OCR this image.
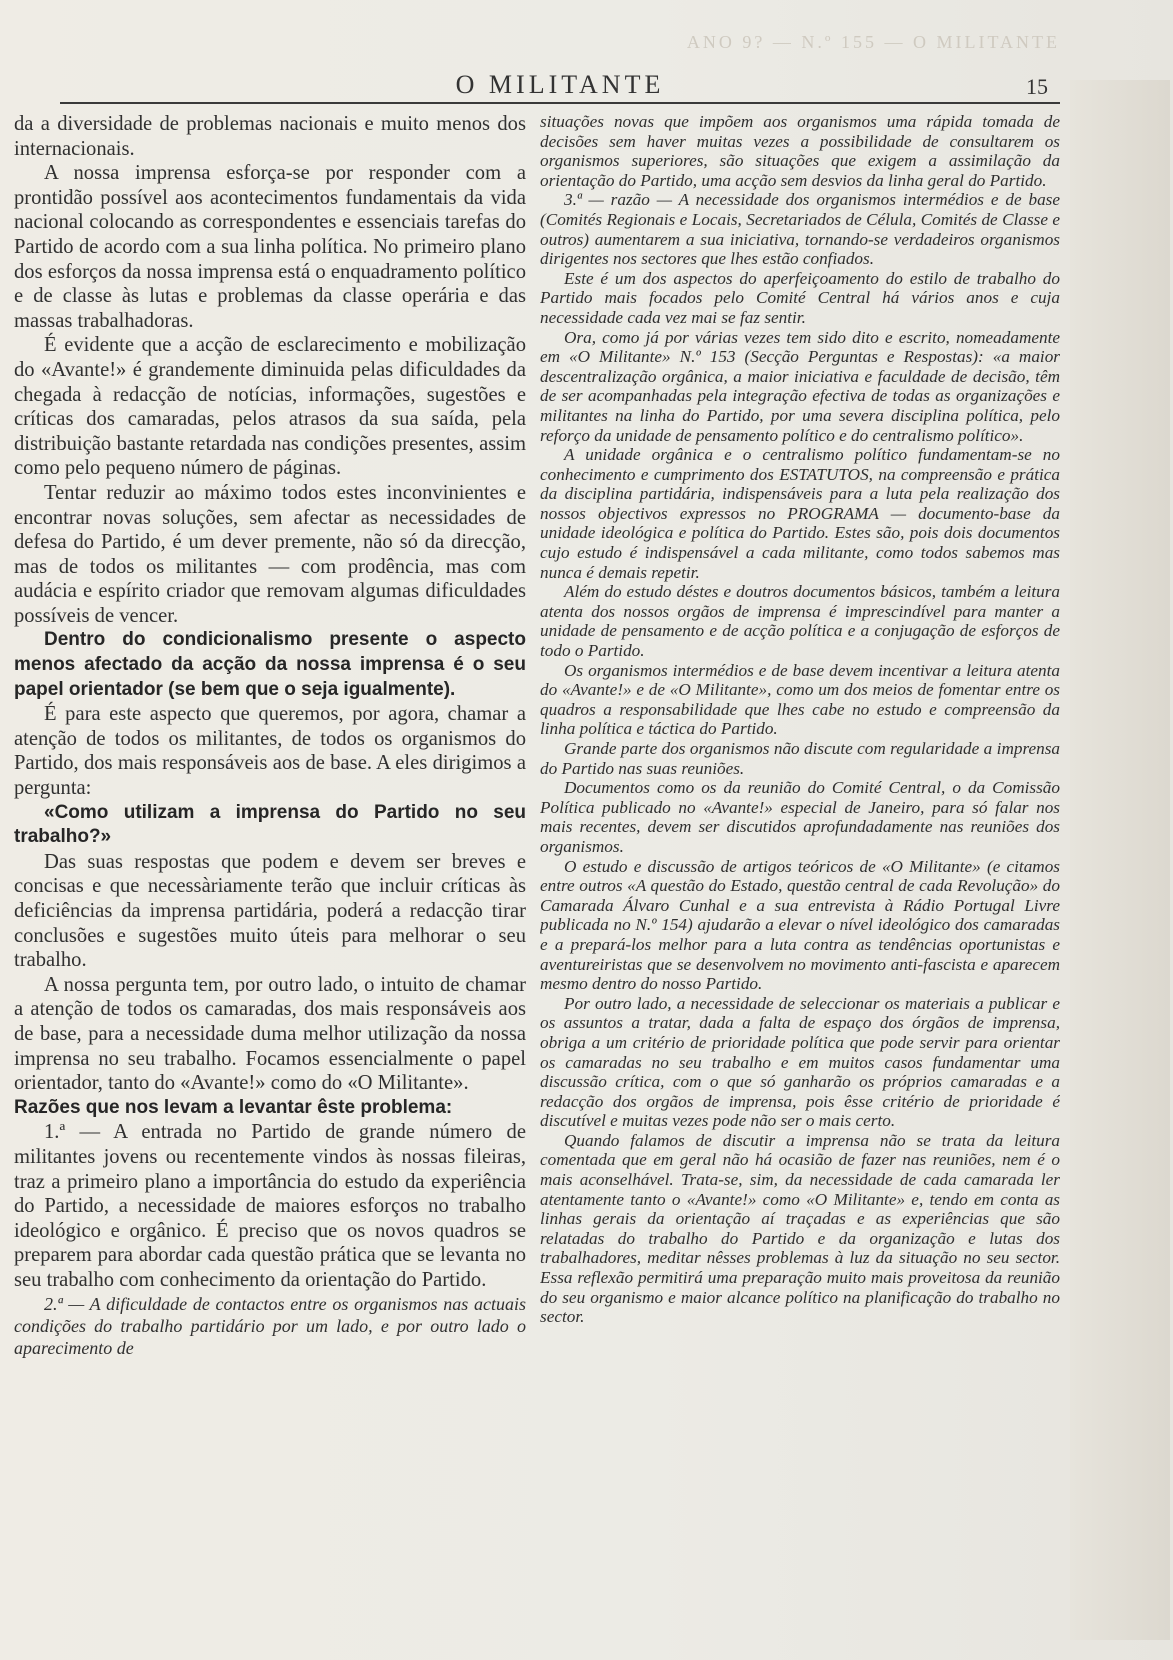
ANO 9? — N.º 155 — O MILITANTE
O MILITANTE	15

da a diversidade de problemas nacionais e muito menos dos internacionais.

A nossa imprensa esforça-se por responder com a prontidão possível aos acontecimentos fundamentais da vida nacional colocando as correspondentes e essenciais tarefas do Partido de acordo com a sua linha política. No primeiro plano dos esforços da nossa imprensa está o enquadramento político e de classe às lutas e problemas da classe operária e das massas trabalhadoras.

É evidente que a acção de esclarecimento e mobilização do «Avante!» é grandemente diminuida pelas dificuldades da chegada à redacção de notícias, informações, sugestões e críticas dos camaradas, pelos atrasos da sua saída, pela distribuição bastante retardada nas condições presentes, assim como pelo pequeno número de páginas.

Tentar reduzir ao máximo todos estes inconvinientes e encontrar novas soluções, sem afectar as necessidades de defesa do Partido, é um dever premente, não só da direcção, mas de todos os militantes — com prodência, mas com audácia e espírito criador que removam algumas dificuldades possíveis de vencer.

Dentro do condicionalismo presente o aspecto menos afectado da acção da nossa imprensa é o seu papel orientador (se bem que o seja igualmente).

É para este aspecto que queremos, por agora, chamar a atenção de todos os militantes, de todos os organismos do Partido, dos mais responsáveis aos de base. A eles dirigimos a pergunta:

«Como utilizam a imprensa do Partido no seu trabalho?»

Das suas respostas que podem e devem ser breves e concisas e que necessàriamente terão que incluir críticas às deficiências da imprensa partidária, poderá a redacção tirar conclusões e sugestões muito úteis para melhorar o seu trabalho.

A nossa pergunta tem, por outro lado, o intuito de chamar a atenção de todos os camaradas, dos mais responsáveis aos de base, para a necessidade duma melhor utilização da nossa imprensa no seu trabalho. Focamos essencialmente o papel orientador, tanto do «Avante!» como do «O Militante».

Razões que nos levam a levantar êste problema:

1.ª — A entrada no Partido de grande número de militantes jovens ou recentemente vindos às nossas fileiras, traz a primeiro plano a importância do estudo da experiência do Partido, a necessidade de maiores esforços no trabalho ideológico e orgânico. É preciso que os novos quadros se preparem para abordar cada questão prática que se levanta no seu trabalho com conhecimento da orientação do Partido.

2.ª — A dificuldade de contactos entre os organismos nas actuais condições do trabalho partidário por um lado, e por outro lado o aparecimento de

situações novas que impõem aos organismos uma rápida tomada de decisões sem haver muitas vezes a possibilidade de consultarem os organismos superiores, são situações que exigem a assimilação da orientação do Partido, uma acção sem desvios da linha geral do Partido.

3.ª — razão — A necessidade dos organismos intermédios e de base (Comités Regionais e Locais, Secretariados de Célula, Comités de Classe e outros) aumentarem a sua iniciativa, tornando-se verdadeiros organismos dirigentes nos sectores que lhes estão confiados.

Este é um dos aspectos do aperfeiçoamento do estilo de trabalho do Partido mais focados pelo Comité Central há vários anos e cuja necessidade cada vez mai se faz sentir.

Ora, como já por várias vezes tem sido dito e escrito, nomeadamente em «O Militante» N.º 153 (Secção Perguntas e Respostas): «a maior descentralização orgânica, a maior iniciativa e faculdade de decisão, têm de ser acompanhadas pela integração efectiva de todas as organizações e militantes na linha do Partido, por uma severa disciplina política, pelo reforço da unidade de pensamento político e do centralismo político».

A unidade orgânica e o centralismo político fundamentam-se no conhecimento e cumprimento dos ESTATUTOS, na compreensão e prática da disciplina partidária, indispensáveis para a luta pela realização dos nossos objectivos expressos no PROGRAMA — documento-base da unidade ideológica e política do Partido. Estes são, pois dois documentos cujo estudo é indispensável a cada militante, como todos sabemos mas nunca é demais repetir.

Além do estudo déstes e doutros documentos básicos, também a leitura atenta dos nossos orgãos de imprensa é imprescindível para manter a unidade de pensamento e de acção política e a conjugação de esforços de todo o Partido.

Os organismos intermédios e de base devem incentivar a leitura atenta do «Avante!» e de «O Militante», como um dos meios de fomentar entre os quadros a responsabilidade que lhes cabe no estudo e compreensão da linha política e táctica do Partido.

Grande parte dos organismos não discute com regularidade a imprensa do Partido nas suas reuniões.

Documentos como os da reunião do Comité Central, o da Comissão Política publicado no «Avante!» especial de Janeiro, para só falar nos mais recentes, devem ser discutidos aprofundadamente nas reuniões dos organismos.

O estudo e discussão de artigos teóricos de «O Militante» (e citamos entre outros «A questão do Estado, questão central de cada Revolução» do Camarada Álvaro Cunhal e a sua entrevista à Rádio Portugal Livre publicada no N.º 154) ajudarão a elevar o nível ideológico dos camaradas e a prepará-los melhor para a luta contra as tendências oportunistas e aventureiristas que se desenvolvem no movimento anti-fascista e aparecem mesmo dentro do nosso Partido.

Por outro lado, a necessidade de seleccionar os materiais a publicar e os assuntos a tratar, dada a falta de espaço dos órgãos de imprensa, obriga a um critério de prioridade política que pode servir para orientar os camaradas no seu trabalho e em muitos casos fundamentar uma discussão crítica, com o que só ganharão os próprios camaradas e a redacção dos orgãos de imprensa, pois êsse critério de prioridade é discutível e muitas vezes pode não ser o mais certo.

Quando falamos de discutir a imprensa não se trata da leitura comentada que em geral não há ocasião de fazer nas reuniões, nem é o mais aconselhável. Trata-se, sim, da necessidade de cada camarada ler atentamente tanto o «Avante!» como «O Militante» e, tendo em conta as linhas gerais da orientação aí traçadas e as experiências que são relatadas do trabalho do Partido e da organização e lutas dos trabalhadores, meditar nêsses problemas à luz da situação no seu sector. Essa reflexão permitirá uma preparação muito mais proveitosa da reunião do seu organismo e maior alcance político na planificação do trabalho no sector.
